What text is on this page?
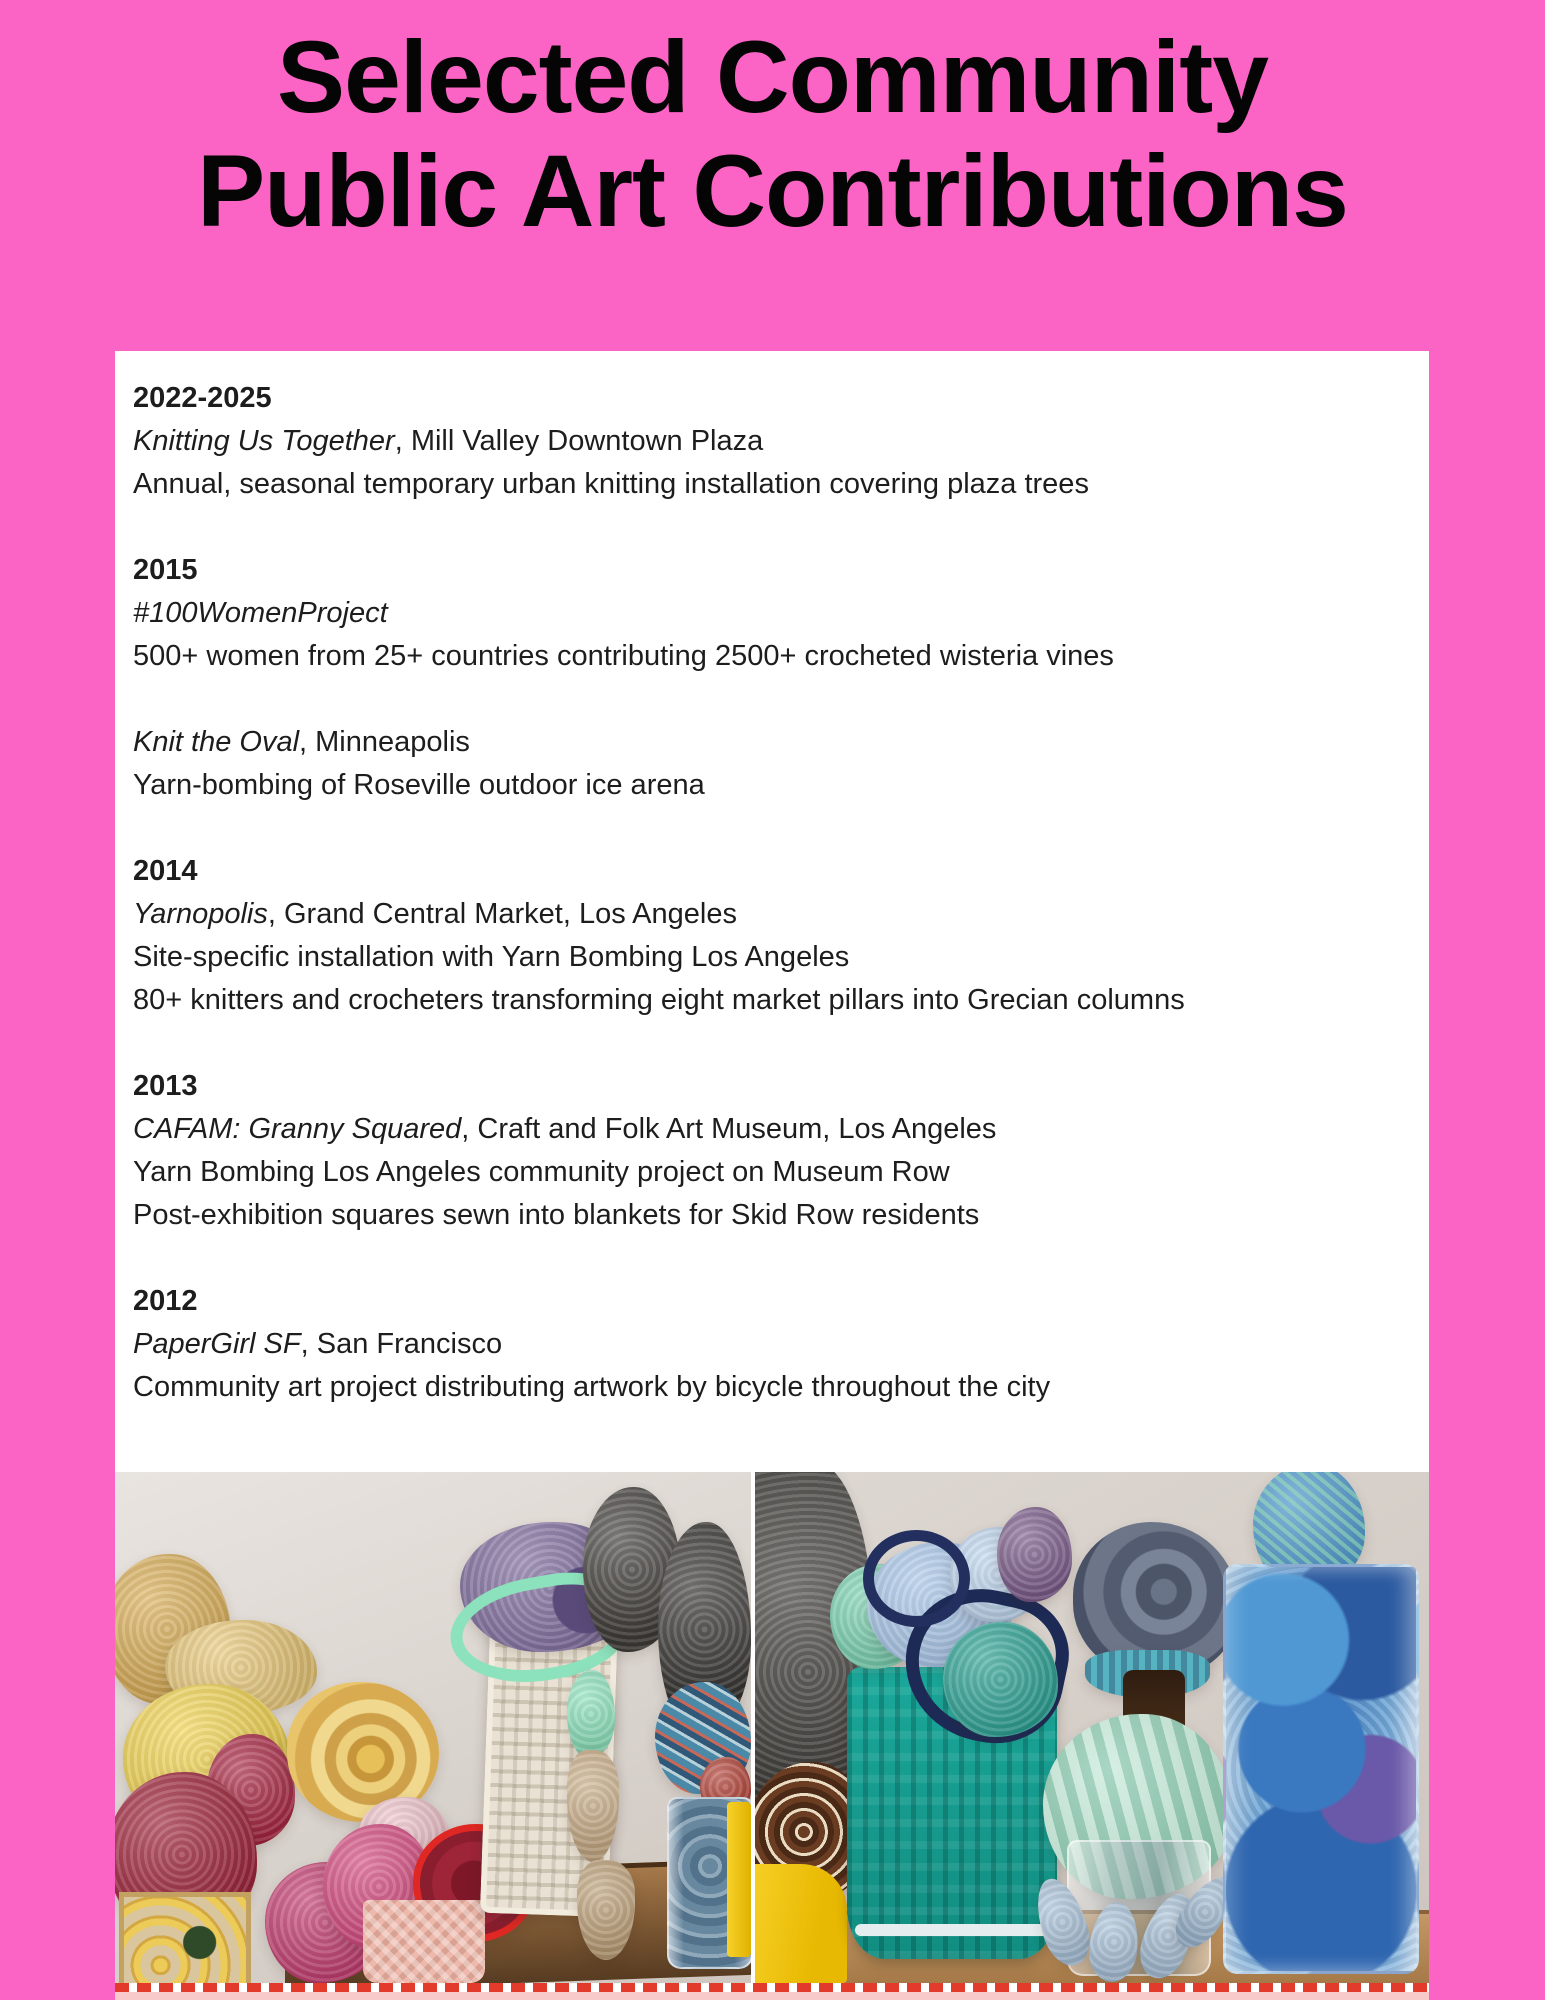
Selected Community
Public Art Contributions
2022-2025
Knitting Us Together, Mill Valley Downtown Plaza
Annual, seasonal temporary urban knitting installation covering plaza trees
2015
#100WomenProject
500+ women from 25+ countries contributing 2500+ crocheted wisteria vines
Knit the Oval, Minneapolis
Yarn-bombing of Roseville outdoor ice arena
2014
Yarnopolis, Grand Central Market, Los Angeles
Site-specific installation with Yarn Bombing Los Angeles
80+ knitters and crocheters transforming eight market pillars into Grecian columns
2013
CAFAM: Granny Squared, Craft and Folk Art Museum, Los Angeles
Yarn Bombing Los Angeles community project on Museum Row
Post-exhibition squares sewn into blankets for Skid Row residents
2012
PaperGirl SF, San Francisco
Community art project distributing artwork by bicycle throughout the city
